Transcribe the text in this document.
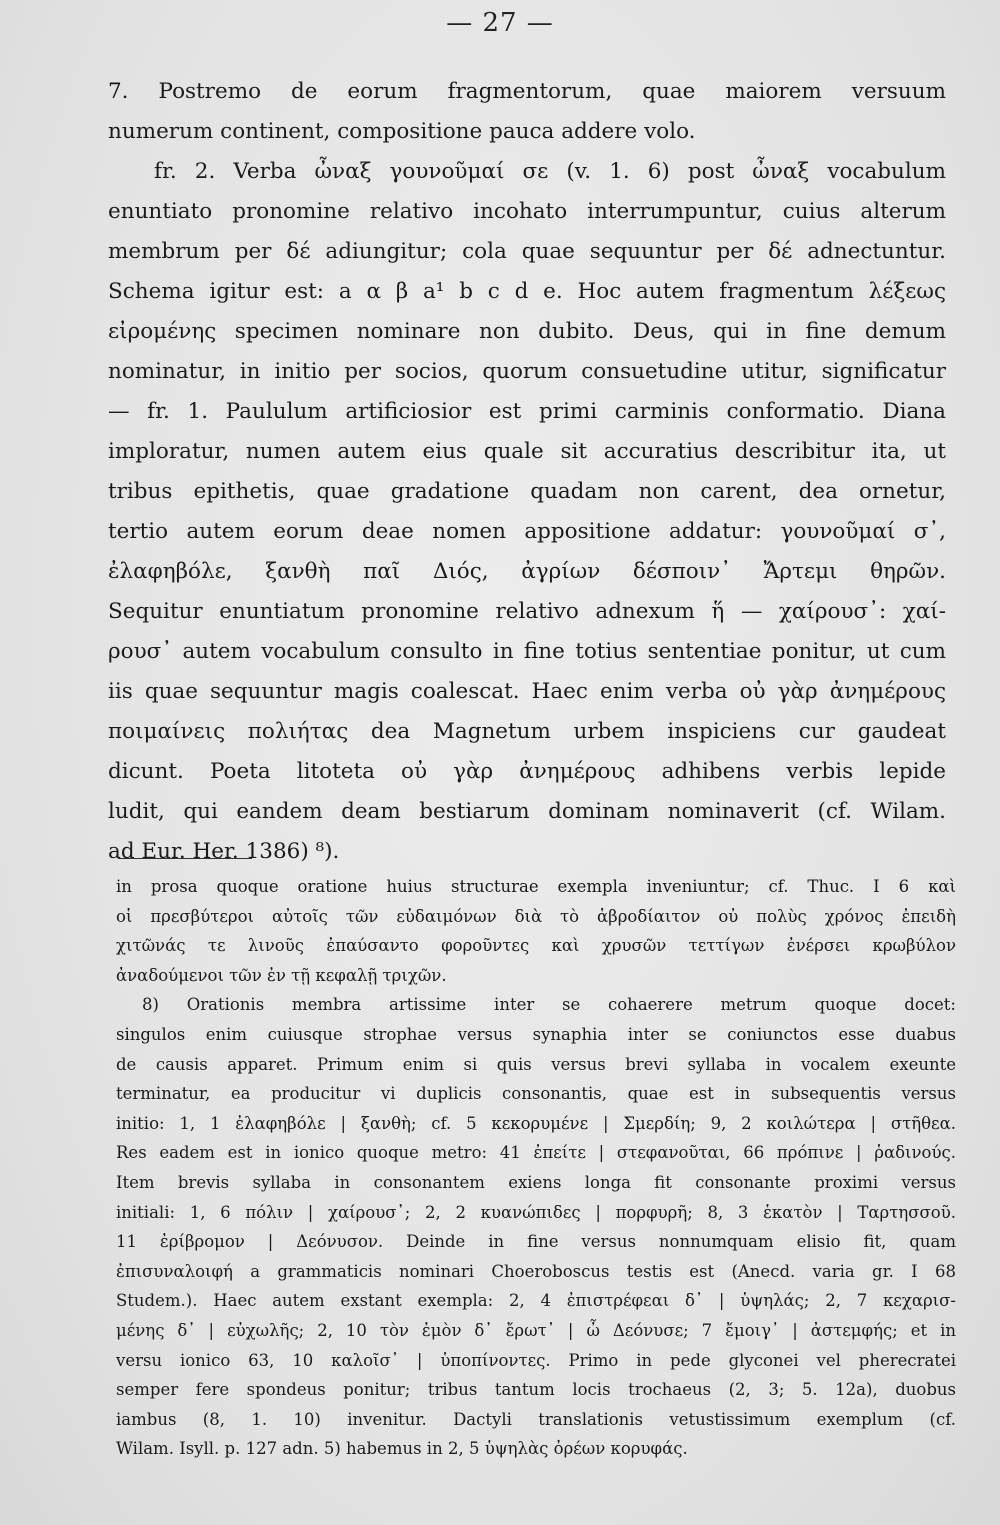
— 27 —
7. Postremo de eorum fragmentorum, quae maiorem versuum
numerum continent, compositione pauca addere volo.
fr. 2. Verba ὦναξ γουνοῦμαί σε (v. 1. 6) post ὦναξ vocabulum
enuntiato pronomine relativo incohato interrumpuntur, cuius alterum
membrum per δέ adiungitur; cola quae sequuntur per δέ adnectuntur.
Schema igitur est: a α β a¹ b c d e. Hoc autem fragmentum λέξεως
εἰρομένης specimen nominare non dubito. Deus, qui in fine demum
nominatur, in initio per socios, quorum consuetudine utitur, significatur
— fr. 1. Paululum artificiosior est primi carminis conformatio. Diana
imploratur, numen autem eius quale sit accuratius describitur ita, ut
tribus epithetis, quae gradatione quadam non carent, dea ornetur,
tertio autem eorum deae nomen appositione addatur: γουνοῦμαί σ᾽,
ἐλαφηβόλε, ξανθὴ παῖ Διός, ἀγρίων δέσποιν᾽ Ἄρτεμι θηρῶν.
Sequitur enuntiatum pronomine relativo adnexum ἥ — χαίρουσ᾽: χαί-
ρουσ᾽ autem vocabulum consulto in fine totius sententiae ponitur, ut cum
iis quae sequuntur magis coalescat. Haec enim verba οὐ γὰρ ἀνημέρους
ποιμαίνεις πολιήτας dea Magnetum urbem inspiciens cur gaudeat
dicunt. Poeta litoteta οὐ γὰρ ἀνημέρους adhibens verbis lepide
ludit, qui eandem deam bestiarum dominam nominaverit (cf. Wilam.
ad Eur. Her. 1386) ⁸).
in prosa quoque oratione huius structurae exempla inveniuntur; cf. Thuc. I 6 καὶ
οἱ πρεσβύτεροι αὐτοῖς τῶν εὐδαιμόνων διὰ τὸ ἁβροδίαιτον οὐ πολὺς χρόνος ἐπειδὴ
χιτῶνάς τε λινοῦς ἐπαύσαντο φοροῦντες καὶ χρυσῶν τεττίγων ἐνέρσει κρωβύλον
ἀναδούμενοι τῶν ἐν τῇ κεφαλῇ τριχῶν.
8) Orationis membra artissime inter se cohaerere metrum quoque docet:
singulos enim cuiusque strophae versus synaphia inter se coniunctos esse duabus
de causis apparet. Primum enim si quis versus brevi syllaba in vocalem exeunte
terminatur, ea producitur vi duplicis consonantis, quae est in subsequentis versus
initio: 1, 1 ἐλαφηβόλε | ξανθὴ; cf. 5 κεκορυμένε | Σμερδίη; 9, 2 κοιλώτερα | στῆθεα.
Res eadem est in ionico quoque metro: 41 ἐπείτε | στεφανοῦται, 66 πρόπινε | ῥαδινούς.
Item brevis syllaba in consonantem exiens longa fit consonante proximi versus
initiali: 1, 6 πόλιν | χαίρουσ᾽; 2, 2 κυανώπιδες | πορφυρῆ; 8, 3 ἑκατὸν | Ταρτησσοῦ.
11 ἐρίβρομον | Δεόνυσον. Deinde in fine versus nonnumquam elisio fit, quam
ἐπισυναλοιφή a grammaticis nominari Choeroboscus testis est (Anecd. varia gr. I 68
Studem.). Haec autem exstant exempla: 2, 4 ἐπιστρέφεαι δ᾽ | ὑψηλάς; 2, 7 κεχαρισ-
μένης δ᾽ | εὐχωλῆς; 2, 10 τὸν ἐμὸν δ᾽ ἔρωτ᾽ | ὦ Δεόνυσε; 7 ἔμοιγ᾽ | ἀστεμφής; et in
versu ionico 63, 10 καλοῖσ᾽ | ὑποπίνοντες. Primo in pede glyconei vel pherecratei
semper fere spondeus ponitur; tribus tantum locis trochaeus (2, 3; 5. 12a), duobus
iambus (8, 1. 10) invenitur. Dactyli translationis vetustissimum exemplum (cf.
Wilam. Isyll. p. 127 adn. 5) habemus in 2, 5 ὑψηλὰς ὀρέων κορυφάς.
